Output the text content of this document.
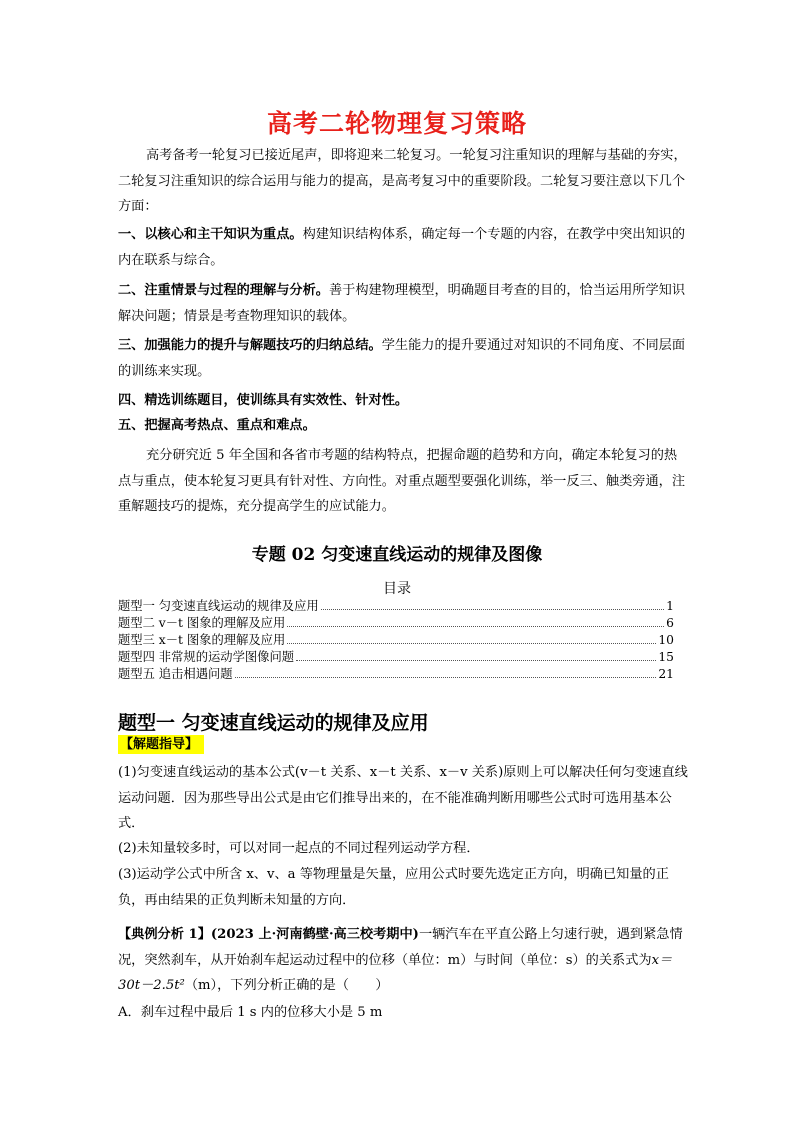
高考二轮物理复习策略

高考备考一轮复习已接近尾声，即将迎来二轮复习。一轮复习注重知识的理解与基础的夯实，二轮复习注重知识的综合运用与能力的提高，是高考复习中的重要阶段。二轮复习要注意以下几个方面：

一、以核心和主干知识为重点。构建知识结构体系，确定每一个专题的内容，在教学中突出知识的内在联系与综合。

二、注重情景与过程的理解与分析。善于构建物理模型，明确题目考查的目的，恰当运用所学知识解决问题；情景是考查物理知识的载体。

三、加强能力的提升与解题技巧的归纳总结。学生能力的提升要通过对知识的不同角度、不同层面的训练来实现。

四、精选训练题目，使训练具有实效性、针对性。

五、把握高考热点、重点和难点。

充分研究近 5 年全国和各省市考题的结构特点，把握命题的趋势和方向，确定本轮复习的热点与重点，使本轮复习更具有针对性、方向性。对重点题型要强化训练，举一反三、触类旁通，注重解题技巧的提炼，充分提高学生的应试能力。

专题 02 匀变速直线运动的规律及图像
目录
题型一 匀变速直线运动的规律及应用	1
题型二 v－t 图象的理解及应用	6
题型三 x－t 图象的理解及应用	10
题型四 非常规的运动学图像问题	15
题型五 追击相遇问题	21
题型一 匀变速直线运动的规律及应用
【解题指导】

(1)匀变速直线运动的基本公式(v－t 关系、x－t 关系、x－v 关系)原则上可以解决任何匀变速直线运动问题．因为那些导出公式是由它们推导出来的，在不能准确判断用哪些公式时可选用基本公式．

(2)未知量较多时，可以对同一起点的不同过程列运动学方程．

(3)运动学公式中所含 x、v、a 等物理量是矢量，应用公式时要先选定正方向，明确已知量的正负，再由结果的正负判断未知量的方向．

【典例分析 1】(2023 上·河南鹤壁·高三校考期中)一辆汽车在平直公路上匀速行驶，遇到紧急情况，突然刹车，从开始刹车起运动过程中的位移（单位：m）与时间（单位：s）的关系式为x＝30t－2.5t²（m），下列分析正确的是（　　）

A．刹车过程中最后 1 s 内的位移大小是 5 m
